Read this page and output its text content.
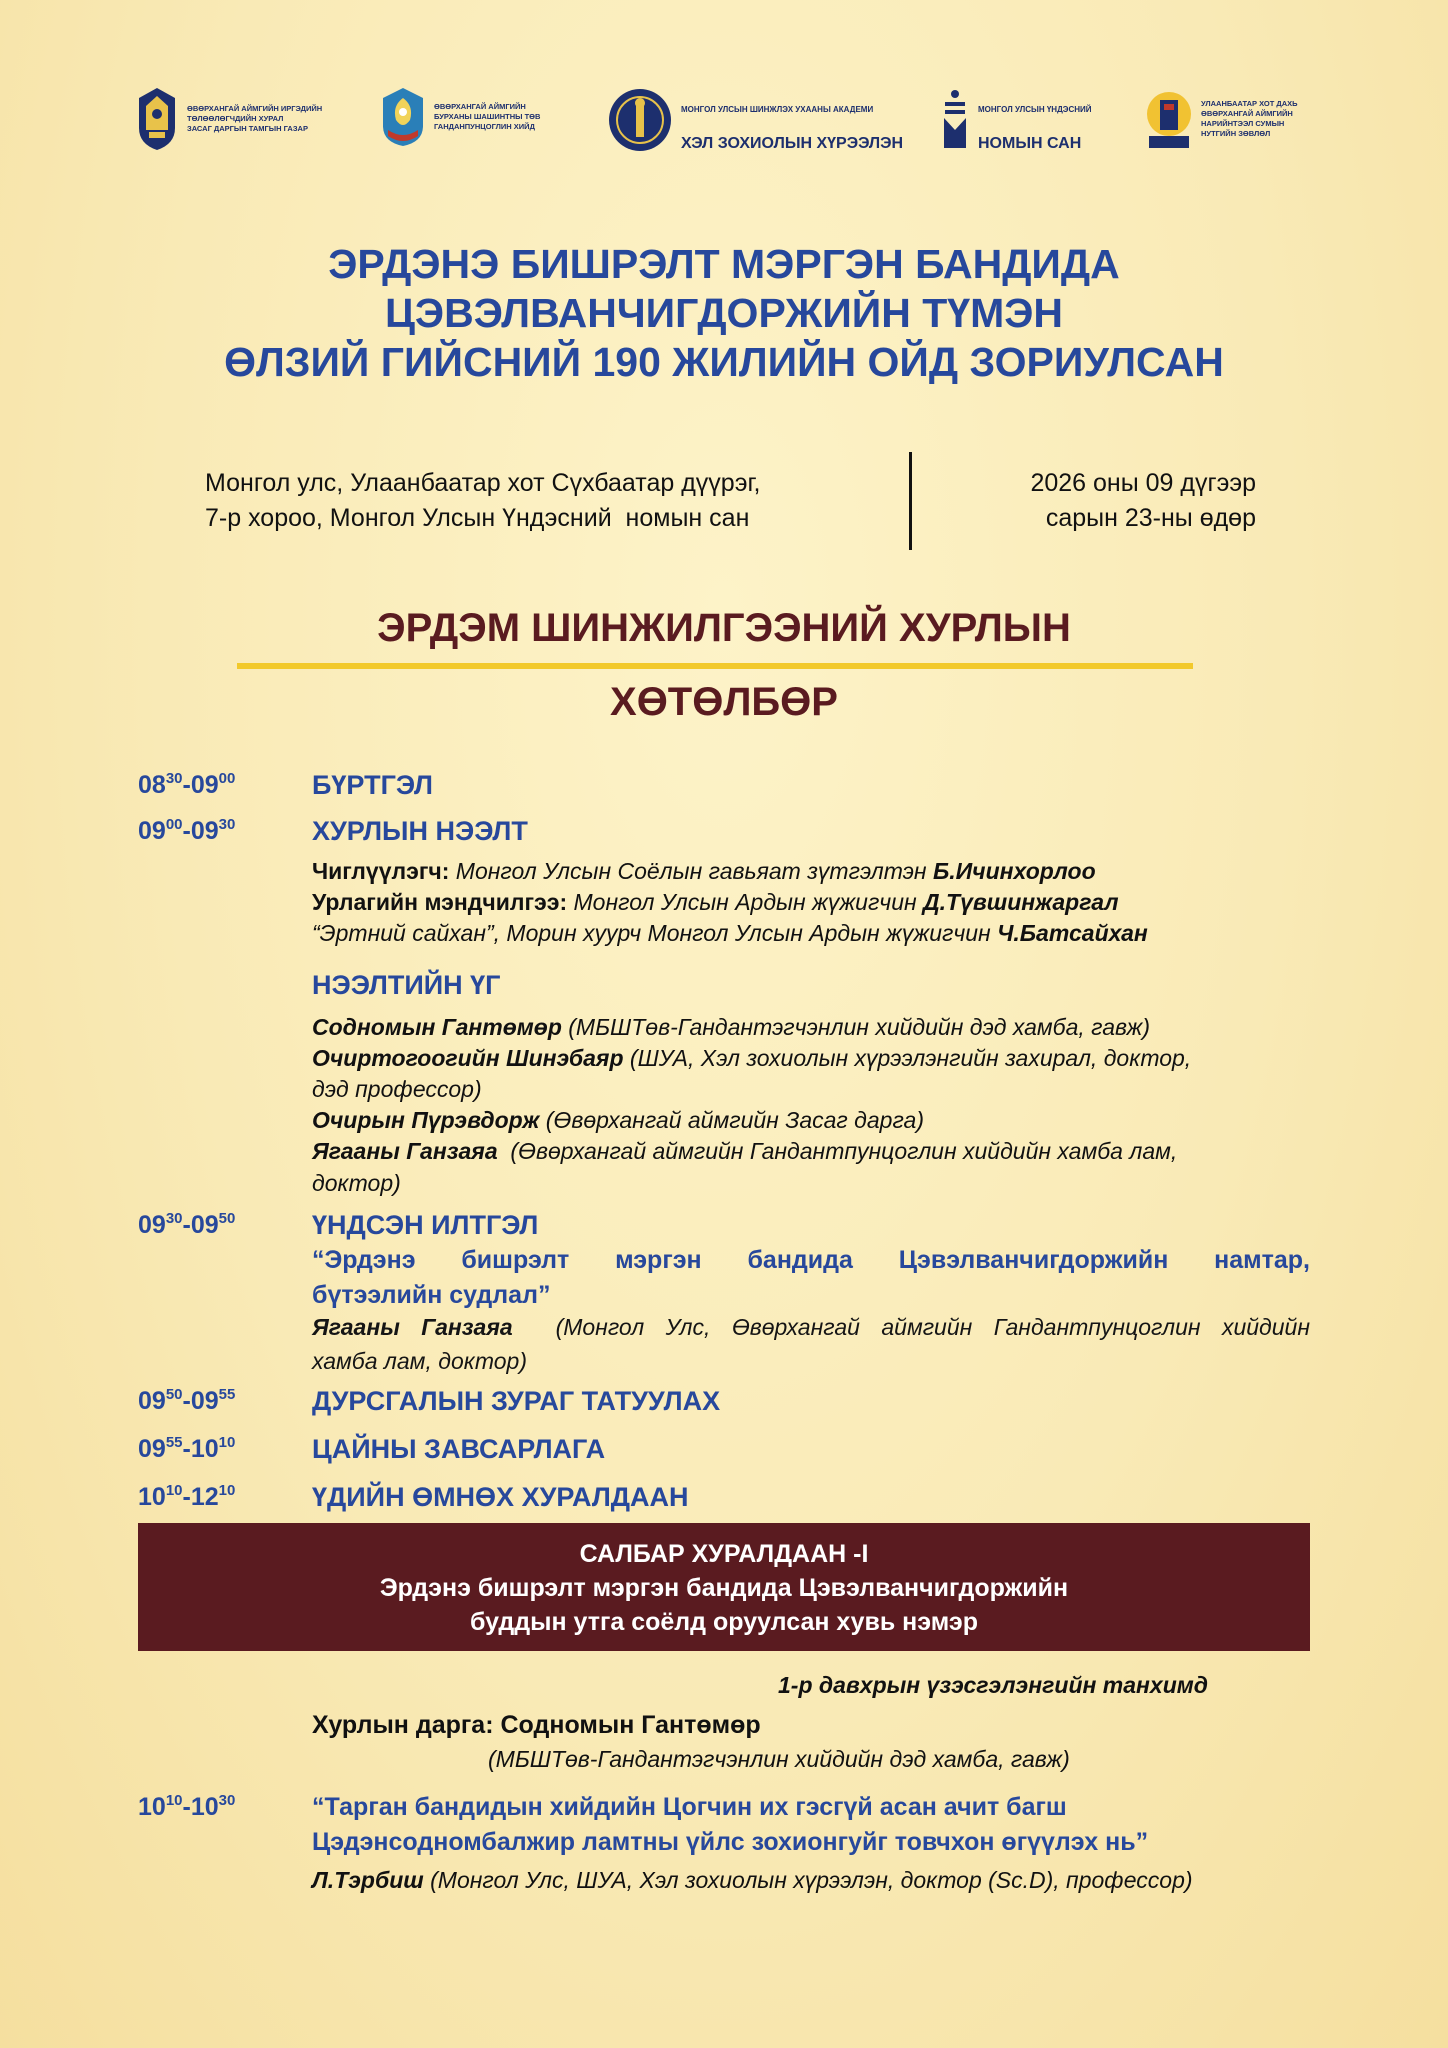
ӨВӨРХАНГАЙ АЙМГИЙН ИРГЭДИЙН
ТӨЛӨӨЛӨГЧДИЙН ХУРАЛ
ЗАСАГ ДАРГЫН ТАМГЫН ГАЗАР
ӨВӨРХАНГАЙ АЙМГИЙН
БУРХАНЫ ШАШИНТНЫ ТӨВ
ГАНДАНПУНЦОГЛИН ХИЙД

МОНГОЛ УЛСЫН ШИНЖЛЭХ УХААНЫ АКАДЕМИ

ХЭЛ ЗОХИОЛЫН ХҮРЭЭЛЭН

МОНГОЛ УЛСЫН ҮНДЭСНИЙ

НОМЫН САН

УЛААНБААТАР ХОТ ДАХЬ
ӨВӨРХАНГАЙ АЙМГИЙН
НАРИЙНТЭЭЛ СУМЫН
НУТГИЙН ЗӨВЛӨЛ
ЭРДЭНЭ БИШРЭЛТ МЭРГЭН БАНДИДА
ЦЭВЭЛВАНЧИГДОРЖИЙН ТҮМЭН
ӨЛЗИЙ ГИЙСНИЙ 190 ЖИЛИЙН ОЙД ЗОРИУЛСАН
Монгол улс, Улаанбаатар хот Сүхбаатар дүүрэг,
7-р хороо, Монгол Улсын Үндэсний  номын сан
2026 оны 09 дүгээр
сарын 23-ны өдөр
ЭРДЭМ ШИНЖИЛГЭЭНИЙ ХУРЛЫН
ХӨТӨЛБӨР
$08^{30}-09^{00}$	БҮРТГЭЛ
$09^{00}-09^{30}$	ХУРЛЫН НЭЭЛТ
Чиглүүлэгч: Монгол Улсын Соёлын гавьяат зүтгэлтэн Б.Ичинхорлоо
Урлагийн мэндчилгээ: Монгол Улсын Ардын жүжигчин Д.Түвшинжаргал
“Эртний сайхан”, Морин хуурч Монгол Улсын Ардын жүжигчин Ч.Батсайхан
НЭЭЛТИЙН ҮГ
Содномын Гантөмөр (МБШТөв-Гандантэгчэнлин хийдийн дэд хамба, гавж)
Очиртогоогийн Шинэбаяр (ШУА, Хэл зохиолын хүрээлэнгийн захирал, доктор,
дэд профессор)
Очирын Пүрэвдорж (Өвөрхангай аймгийн Засаг дарга)
Ягааны Ганзаяа  (Өвөрхангай аймгийн Гандантпунцоглин хийдийн хамба лам,
доктор)
$09^{30}-09^{50}$	ҮНДСЭН ИЛТГЭЛ
“Эрдэнэ бишрэлт мэргэн бандида Цэвэлванчигдоржийн намтар,
бүтээлийн судлал”
Ягааны Ганзаяа  (Монгол Улс, Өвөрхангай аймгийн Гандантпунцоглин хийдийн
хамба лам, доктор)
$09^{50}-09^{55}$	ДУРСГАЛЫН ЗУРАГ ТАТУУЛАХ
$09^{55}-10^{10}$	ЦАЙНЫ ЗАВСАРЛАГА
$10^{10}-12^{10}$	ҮДИЙН ӨМНӨХ ХУРАЛДААН
САЛБАР ХУРАЛДААН -I
Эрдэнэ бишрэлт мэргэн бандида Цэвэлванчигдоржийн
буддын утга соёлд оруулсан хувь нэмэр
1-р давхрын үзэсгэлэнгийн танхимд
Хурлын дарга: Содномын Гантөмөр
(МБШТөв-Гандантэгчэнлин хийдийн дэд хамба, гавж)
$10^{10}-10^{30}$	“Тарган бандидын хийдийн Цогчин их гэсгүй асан ачит багш
Цэдэнсодномбалжир ламтны үйлс зохионгуйг товчхон өгүүлэх нь”
Л.Тэрбиш (Монгол Улс, ШУА, Хэл зохиолын хүрээлэн, доктор (Sc.D), профессор)
